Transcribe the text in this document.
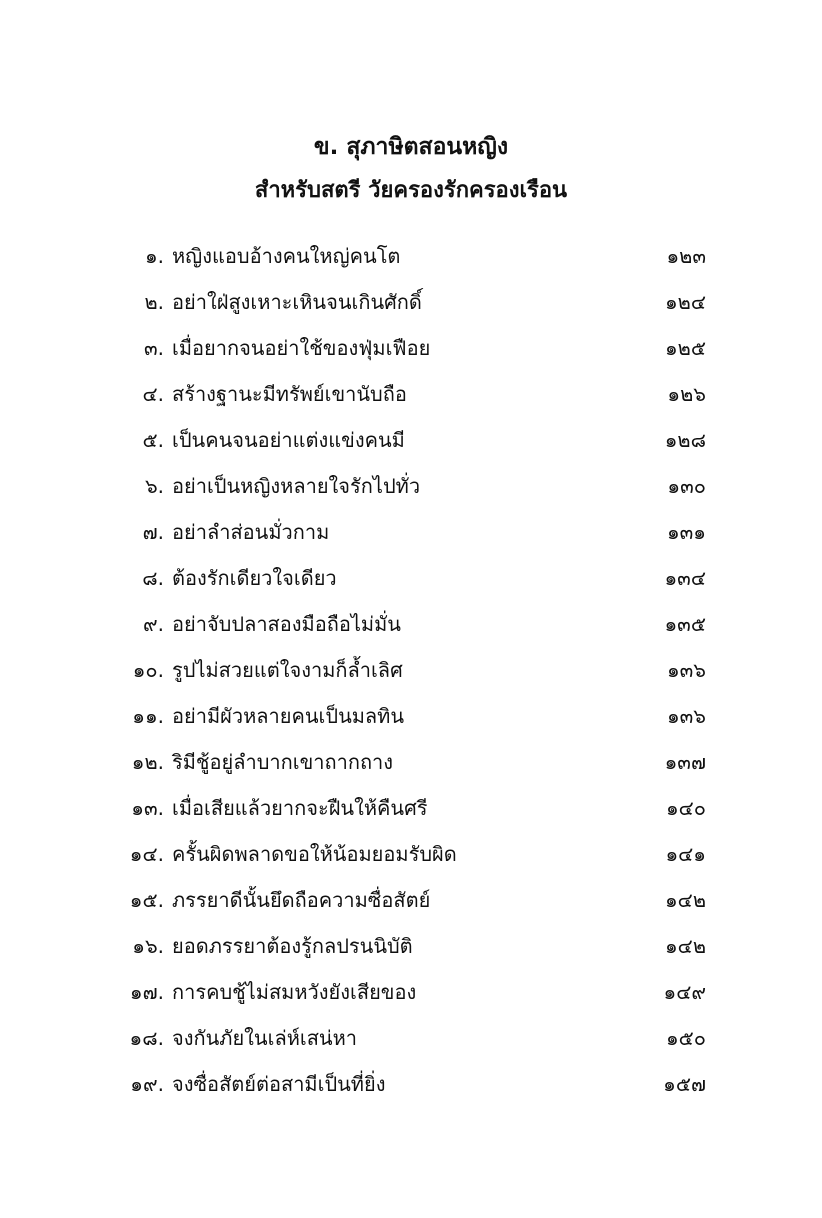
ข. สุภาษิตสอนหญิง
สำหรับสตรี วัยครองรักครองเรือน
๑. หญิงแอบอ้างคนใหญ่คนโต	๑๒๓
๒. อย่าใฝ่สูงเหาะเหินจนเกินศักดิ์	๑๒๔
๓. เมื่อยากจนอย่าใช้ของฟุ่มเฟือย	๑๒๕
๔. สร้างฐานะมีทรัพย์เขานับถือ	๑๒๖
๕. เป็นคนจนอย่าแต่งแข่งคนมี	๑๒๘
๖. อย่าเป็นหญิงหลายใจรักไปทั่ว	๑๓๐
๗. อย่าลำส่อนมั่วกาม	๑๓๑
๘. ต้องรักเดียวใจเดียว	๑๓๔
๙. อย่าจับปลาสองมือถือไม่มั่น	๑๓๕
๑๐. รูปไม่สวยแต่ใจงามก็ล้ำเลิศ	๑๓๖
๑๑. อย่ามีผัวหลายคนเป็นมลทิน	๑๓๖
๑๒. ริมีชู้อยู่ลำบากเขาถากถาง	๑๓๗
๑๓. เมื่อเสียแล้วยากจะฝืนให้คืนศรี	๑๔๐
๑๔. ครั้นผิดพลาดขอให้น้อมยอมรับผิด	๑๔๑
๑๕. ภรรยาดีนั้นยึดถือความซื่อสัตย์	๑๔๒
๑๖. ยอดภรรยาต้องรู้กลปรนนิบัติ	๑๔๒
๑๗. การคบชู้ไม่สมหวังยังเสียของ	๑๔๙
๑๘. จงกันภัยในเล่ห์เสน่หา	๑๕๐
๑๙. จงซื่อสัตย์ต่อสามีเป็นที่ยิ่ง	๑๕๗
